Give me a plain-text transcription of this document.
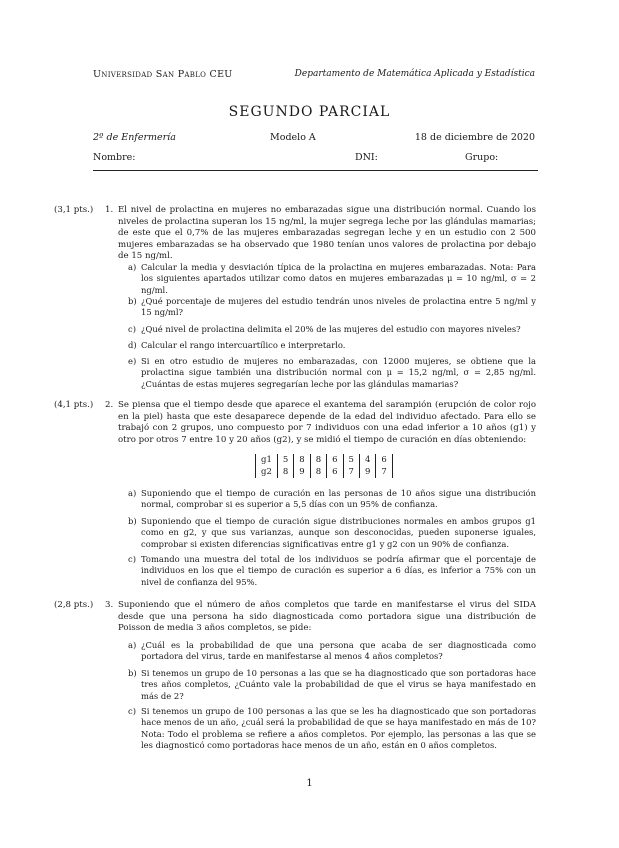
Universidad San Pablo CEU	Departamento de Matemática Aplicada y Estadística
SEGUNDO PARCIAL
2º de Enfermería	Modelo A	18 de diciembre de 2020
Nombre:	DNI:	Grupo:
(3,1 pts.) 1. El nivel de prolactina en mujeres no embarazadas sigue una distribución normal. Cuando los niveles de prolactina superan los 15 ng/ml, la mujer segrega leche por las glándulas mamarias; de este que el 0,7% de las mujeres embarazadas segregan leche y en un estudio con 2 500 mujeres embarazadas se ha observado que 1980 tenían unos valores de prolactina por debajo de 15 ng/ml.
a) Calcular la media y desviación típica de la prolactina en mujeres embarazadas. Nota: Para los siguientes apartados utilizar como datos en mujeres embarazadas μ = 10 ng/ml, σ = 2 ng/ml.
b) ¿Qué porcentaje de mujeres del estudio tendrán unos niveles de prolactina entre 5 ng/ml y 15 ng/ml?
c) ¿Qué nivel de prolactina delimita el 20% de las mujeres del estudio con mayores niveles?
d) Calcular el rango intercuartílico e interpretarlo.
e) Si en otro estudio de mujeres no embarazadas, con 12000 mujeres, se obtiene que la prolactina sigue también una distribución normal con μ = 15,2 ng/ml, σ = 2,85 ng/ml. ¿Cuántas de estas mujeres segregarían leche por las glándulas mamarias?
(4,1 pts.) 2. Se piensa que el tiempo desde que aparece el exantema del sarampión (erupción de color rojo en la piel) hasta que este desaparece depende de la edad del individuo afectado. Para ello se trabajó con 2 grupos, uno compuesto por 7 individuos con una edad inferior a 10 años (g1) y otro por otros 7 entre 10 y 20 años (g2), y se midió el tiempo de curación en días obteniendo:
g1	5	8	8	6	5	4	6
g2	8	9	8	6	7	9	7
a) Suponiendo que el tiempo de curación en las personas de 10 años sigue una distribución normal, comprobar si es superior a 5,5 días con un 95% de confianza.
b) Suponiendo que el tiempo de curación sigue distribuciones normales en ambos grupos g1 como en g2, y que sus varianzas, aunque son desconocidas, pueden suponerse iguales, comprobar si existen diferencias significativas entre g1 y g2 con un 90% de confianza.
c) Tomando una muestra del total de los individuos se podría afirmar que el porcentaje de individuos en los que el tiempo de curación es superior a 6 días, es inferior a 75% con un nivel de confianza del 95%.
(2,8 pts.) 3. Suponiendo que el número de años completos que tarde en manifestarse el virus del SIDA desde que una persona ha sido diagnosticada como portadora sigue una distribución de Poisson de media 3 años completos, se pide:
a) ¿Cuál es la probabilidad de que una persona que acaba de ser diagnosticada como portadora del virus, tarde en manifestarse al menos 4 años completos?
b) Si tenemos un grupo de 10 personas a las que se ha diagnosticado que son portadoras hace tres años completos, ¿Cuánto vale la probabilidad de que el virus se haya manifestado en más de 2?
c) Si tenemos un grupo de 100 personas a las que se les ha diagnosticado que son portadoras hace menos de un año, ¿cuál será la probabilidad de que se haya manifestado en más de 10? Nota: Todo el problema se refiere a años completos. Por ejemplo, las personas a las que se les diagnosticó como portadoras hace menos de un año, están en 0 años completos.
1
